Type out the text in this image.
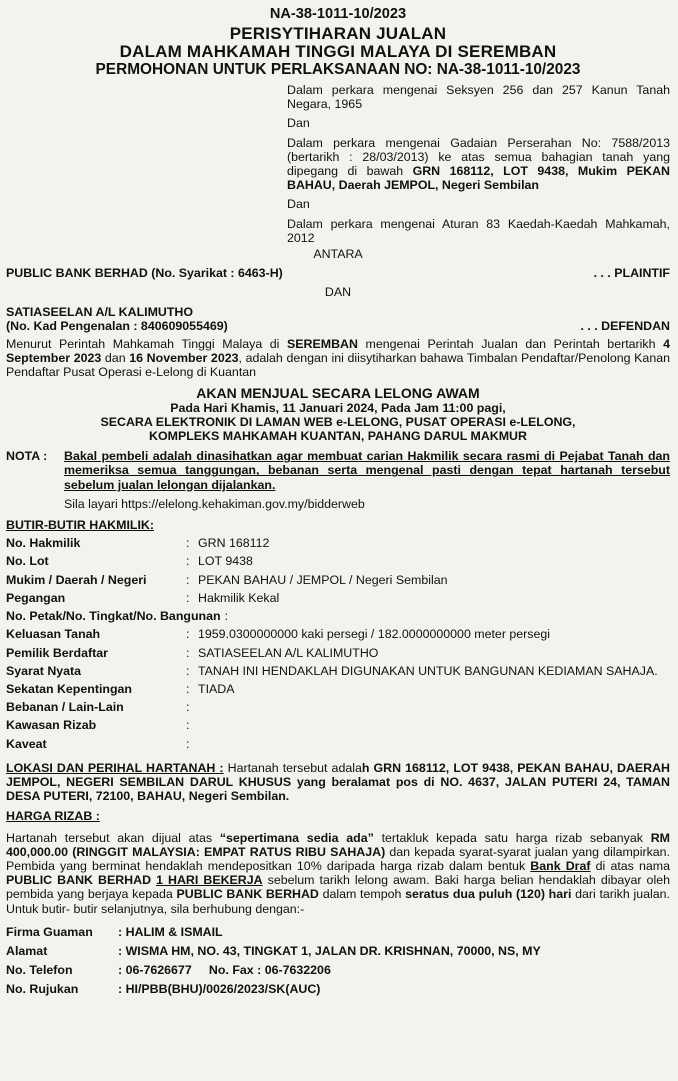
NA-38-1011-10/2023
PERISYTIHARAN JUALAN
DALAM MAHKAMAH TINGGI MALAYA DI SEREMBAN
PERMOHONAN UNTUK PERLAKSANAAN NO: NA-38-1011-10/2023
Dalam perkara mengenai Seksyen 256 dan 257 Kanun Tanah Negara, 1965
Dan
Dalam perkara mengenai Gadaian Perserahan No: 7588/2013 (bertarikh : 28/03/2013) ke atas semua bahagian tanah yang dipegang di bawah GRN 168112, LOT 9438, Mukim PEKAN BAHAU, Daerah JEMPOL, Negeri Sembilan
Dan
Dalam perkara mengenai Aturan 83 Kaedah-Kaedah Mahkamah, 2012
ANTARA
PUBLIC BANK BERHAD (No. Syarikat : 6463-H)	. . . PLAINTIF
DAN
SATIASEELAN A/L KALIMUTHO
(No. Kad Pengenalan : 840609055469)	. . . DEFENDAN
Menurut Perintah Mahkamah Tinggi Malaya di SEREMBAN mengenai Perintah Jualan dan Perintah bertarikh 4 September 2023 dan 16 November 2023, adalah dengan ini diisytiharkan bahawa Timbalan Pendaftar/Penolong Kanan Pendaftar Pusat Operasi e-Lelong di Kuantan
AKAN MENJUAL SECARA LELONG AWAM
Pada Hari Khamis, 11 Januari 2024, Pada Jam 11:00 pagi,
SECARA ELEKTRONIK DI LAMAN WEB e-LELONG, PUSAT OPERASI e-LELONG,
KOMPLEKS MAHKAMAH KUANTAN, PAHANG DARUL MAKMUR
NOTA :	Bakal pembeli adalah dinasihatkan agar membuat carian Hakmilik secara rasmi di Pejabat Tanah dan memeriksa semua tanggungan, bebanan serta mengenal pasti dengan tepat hartanah tersebut sebelum jualan lelongan dijalankan.
Sila layari https://elelong.kehakiman.gov.my/bidderweb
BUTIR-BUTIR HAKMILIK:
No. Hakmilik	: GRN 168112
No. Lot	: LOT 9438
Mukim / Daerah / Negeri	: PEKAN BAHAU / JEMPOL / Negeri Sembilan
Pegangan	: Hakmilik Kekal
No. Petak/No. Tingkat/No. Bangunan :
Keluasan Tanah	: 1959.0300000000 kaki persegi / 182.0000000000 meter persegi
Pemilik Berdaftar	: SATIASEELAN A/L KALIMUTHO
Syarat Nyata	: TANAH INI HENDAKLAH DIGUNAKAN UNTUK BANGUNAN KEDIAMAN SAHAJA.
Sekatan Kepentingan	: TIADA
Bebanan / Lain-Lain	:
Kawasan Rizab	:
Kaveat	:
LOKASI DAN PERIHAL HARTANAH : Hartanah tersebut adalah GRN 168112, LOT 9438, PEKAN BAHAU, DAERAH JEMPOL, NEGERI SEMBILAN DARUL KHUSUS yang beralamat pos di NO. 4637, JALAN PUTERI 24, TAMAN DESA PUTERI, 72100, BAHAU, Negeri Sembilan.
HARGA RIZAB :
Hartanah tersebut akan dijual atas “sepertimana sedia ada” tertakluk kepada satu harga rizab sebanyak RM 400,000.00 (RINGGIT MALAYSIA: EMPAT RATUS RIBU SAHAJA) dan kepada syarat-syarat jualan yang dilampirkan. Pembida yang berminat hendaklah mendepositkan 10% daripada harga rizab dalam bentuk Bank Draf di atas nama PUBLIC BANK BERHAD 1 HARI BEKERJA sebelum tarikh lelong awam. Baki harga belian hendaklah dibayar oleh pembida yang berjaya kepada PUBLIC BANK BERHAD dalam tempoh seratus dua puluh (120) hari dari tarikh jualan. Untuk butir- butir selanjutnya, sila berhubung dengan:-
Firma Guaman	: HALIM & ISMAIL
Alamat	: WISMA HM, NO. 43, TINGKAT 1, JALAN DR. KRISHNAN, 70000, NS, MY
No. Telefon	: 06-7626677     No. Fax : 06-7632206
No. Rujukan	: HI/PBB(BHU)/0026/2023/SK(AUC)
